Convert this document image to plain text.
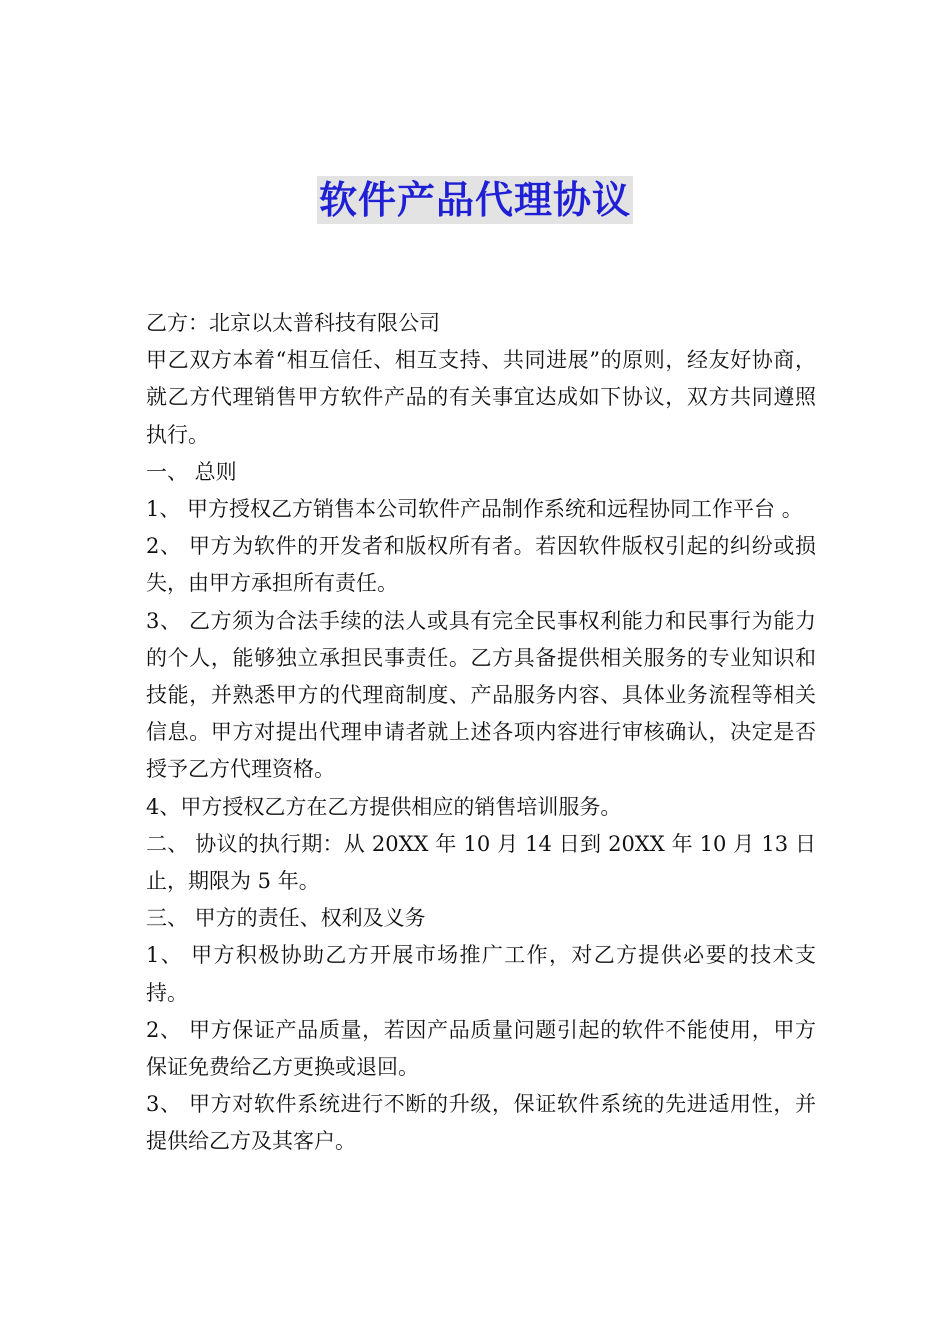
软件产品代理协议

乙方：北京以太普科技有限公司

甲乙双方本着“相互信任、相互支持、共同进展”的原则，经友好协商，就乙方代理销售甲方软件产品的有关事宜达成如下协议，双方共同遵照执行。

一、 总则

1、 甲方授权乙方销售本公司软件产品制作系统和远程协同工作平台 。

2、 甲方为软件的开发者和版权所有者。若因软件版权引起的纠纷或损失，由甲方承担所有责任。

3、 乙方须为合法手续的法人或具有完全民事权利能力和民事行为能力的个人，能够独立承担民事责任。乙方具备提供相关服务的专业知识和技能，并熟悉甲方的代理商制度、产品服务内容、具体业务流程等相关信息。甲方对提出代理申请者就上述各项内容进行审核确认，决定是否授予乙方代理资格。

4、甲方授权乙方在乙方提供相应的销售培训服务。

二、 协议的执行期：从 20XX 年 10 月 14 日到 20XX 年 10 月 13 日止，期限为 5 年。

三、 甲方的责任、权利及义务

1、 甲方积极协助乙方开展市场推广工作，对乙方提供必要的技术支持。

2、 甲方保证产品质量，若因产品质量问题引起的软件不能使用，甲方保证免费给乙方更换或退回。

3、 甲方对软件系统进行不断的升级，保证软件系统的先进适用性，并提供给乙方及其客户。
